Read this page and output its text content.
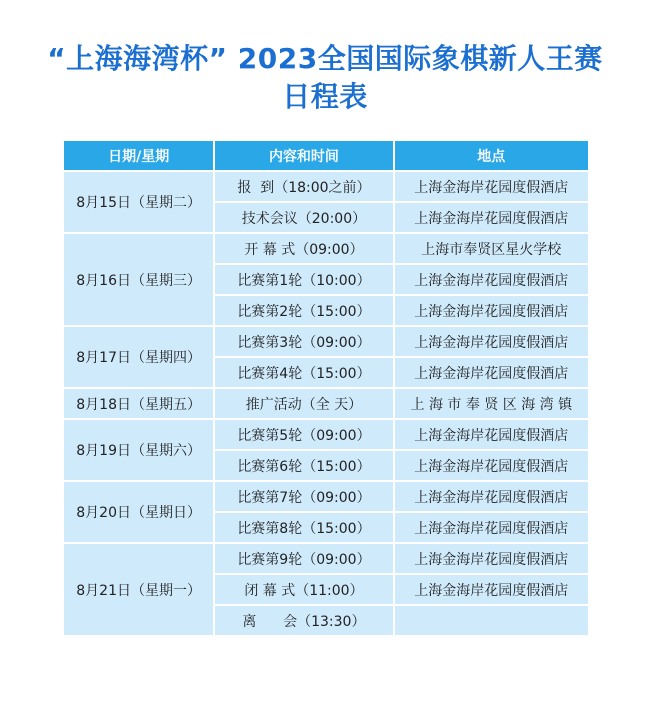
“上海海湾杯” 2023全国国际象棋新人王赛
日程表
日期/星期	内容和时间	地点
8月15日（星期二）	报  到（18:00之前）	上海金海岸花园度假酒店
	技术会议（20:00）	上海金海岸花园度假酒店
8月16日（星期三）	开 幕 式（09:00）	上海市奉贤区星火学校
	比赛第1轮（10:00）	上海金海岸花园度假酒店
	比赛第2轮（15:00）	上海金海岸花园度假酒店
8月17日（星期四）	比赛第3轮（09:00）	上海金海岸花园度假酒店
	比赛第4轮（15:00）	上海金海岸花园度假酒店
8月18日（星期五）	推广活动（全 天）	上 海 市 奉 贤 区 海 湾 镇
8月19日（星期六）	比赛第5轮（09:00）	上海金海岸花园度假酒店
	比赛第6轮（15:00）	上海金海岸花园度假酒店
8月20日（星期日）	比赛第7轮（09:00）	上海金海岸花园度假酒店
	比赛第8轮（15:00）	上海金海岸花园度假酒店
8月21日（星期一）	比赛第9轮（09:00）	上海金海岸花园度假酒店
	闭 幕 式（11:00）	上海金海岸花园度假酒店
	离      会（13:30）	
